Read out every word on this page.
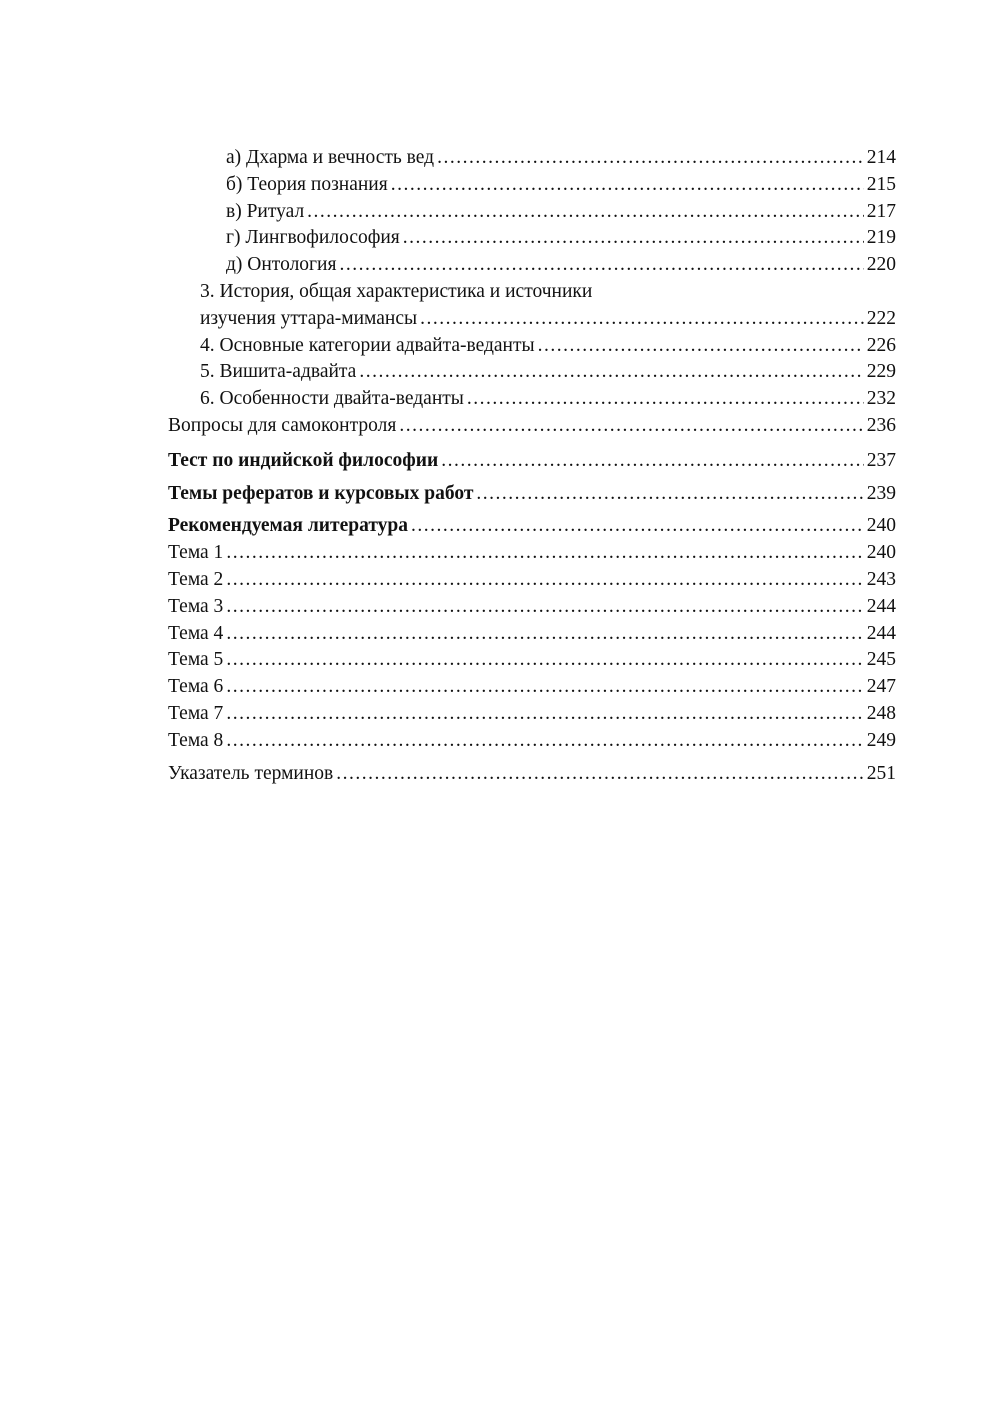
а) Дхарма и вечность вед .....	214
б) Теория познания .....	215
в) Ритуал .....	217
г) Лингвофилософия .....	219
д) Онтология .....	220
3. История, общая характеристика и источники
изучения уттара-мимансы .....	222
4. Основные категории адвайта-веданты .....	226
5. Вишита-адвайта .....	229
6. Особенности двайта-веданты .....	232
Вопросы для самоконтроля .....	236
Тест по индийской философии .....	237
Темы рефератов и курсовых работ .....	239
Рекомендуемая литература .....	240
Тема 1 .....	240
Тема 2 .....	243
Тема 3 .....	244
Тема 4 .....	244
Тема 5 .....	245
Тема 6 .....	247
Тема 7 .....	248
Тема 8 .....	249
Указатель терминов .....	251
